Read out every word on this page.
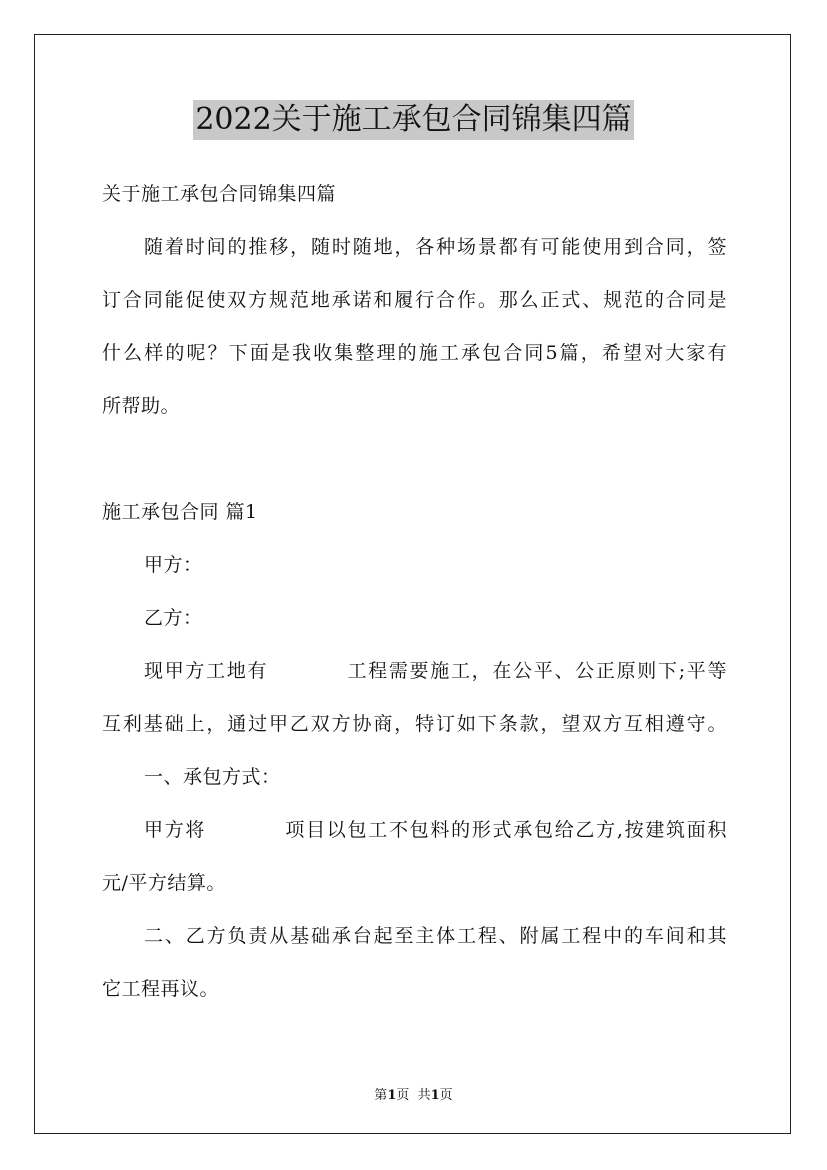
2022关于施工承包合同锦集四篇

关于施工承包合同锦集四篇

随着时间的推移，随时随地，各种场景都有可能使用到合同，签

订合同能促使双方规范地承诺和履行合作。那么正式、规范的合同是

什么样的呢？下面是我收集整理的施工承包合同5篇，希望对大家有

所帮助。

施工承包合同 篇1

甲方：

乙方：

现甲方工地有	工程需要施工，在公平、公正原则下;平等

互利基础上，通过甲乙双方协商，特订如下条款，望双方互相遵守。

一、承包方式：

甲方将	项目以包工不包料的形式承包给乙方,按建筑面积

元/平方结算。

二、乙方负责从基础承台起至主体工程、附属工程中的车间和其

它工程再议。

第1页  共1页
